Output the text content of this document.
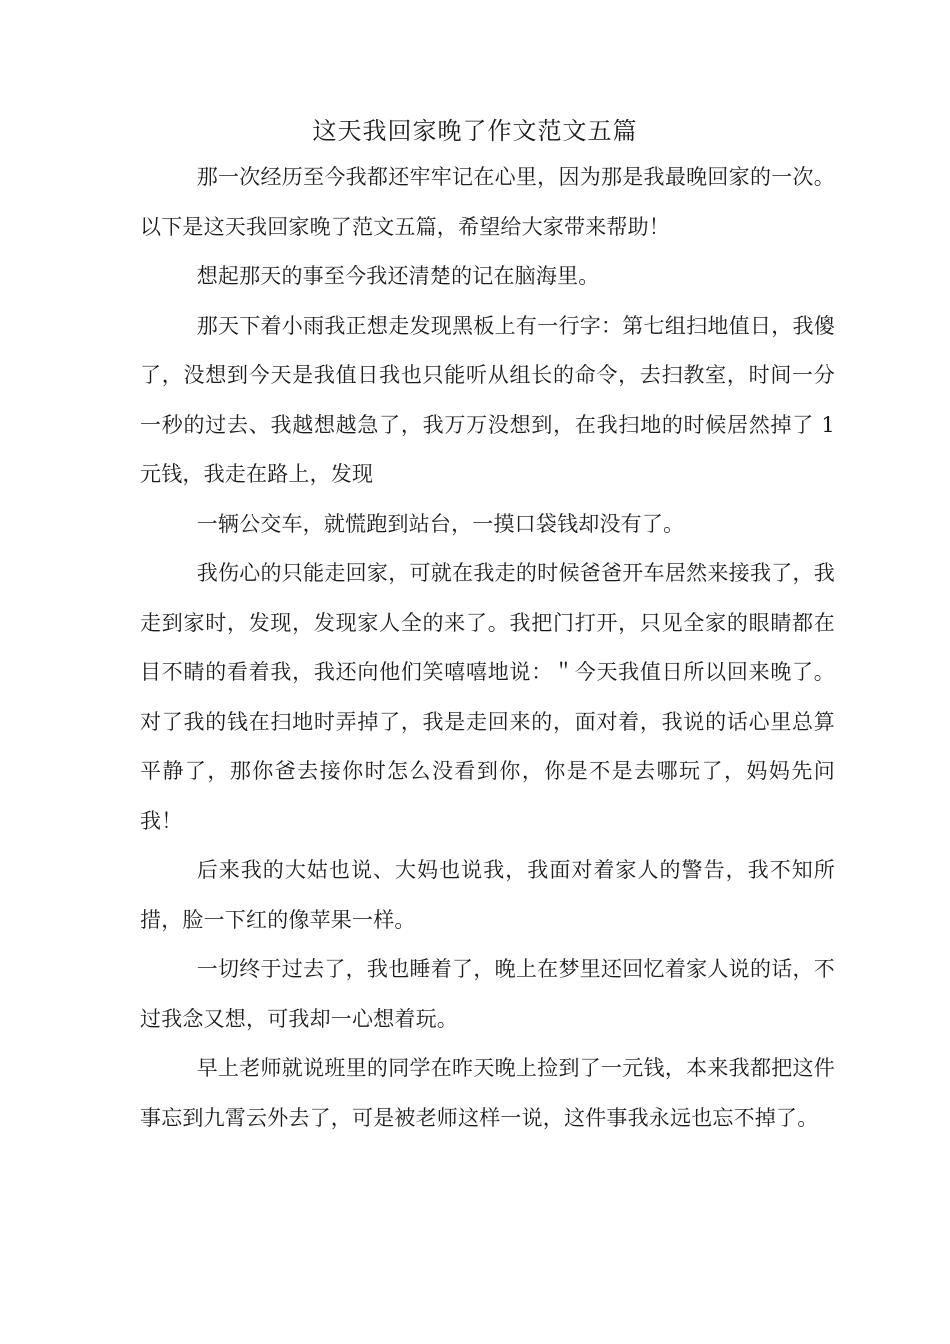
这天我回家晚了作文范文五篇

那一次经历至今我都还牢牢记在心里，因为那是我最晚回家的一次。以下是这天我回家晚了范文五篇，希望给大家带来帮助！

想起那天的事至今我还清楚的记在脑海里。

那天下着小雨我正想走发现黑板上有一行字：第七组扫地值日，我傻了，没想到今天是我值日我也只能听从组长的命令，去扫教室，时间一分一秒的过去、我越想越急了，我万万没想到，在我扫地的时候居然掉了 1 元钱，我走在路上，发现

一辆公交车，就慌跑到站台，一摸口袋钱却没有了。

我伤心的只能走回家，可就在我走的时候爸爸开车居然来接我了，我走到家时，发现，发现家人全的来了。我把门打开，只见全家的眼睛都在目不睛的看着我，我还向他们笑嘻嘻地说：＂今天我值日所以回来晚了。对了我的钱在扫地时弄掉了，我是走回来的，面对着，我说的话心里总算平静了，那你爸去接你时怎么没看到你，你是不是去哪玩了，妈妈先问我！

后来我的大姑也说、大妈也说我，我面对着家人的警告，我不知所措，脸一下红的像苹果一样。

一切终于过去了，我也睡着了，晚上在梦里还回忆着家人说的话，不过我念又想，可我却一心想着玩。

早上老师就说班里的同学在昨天晚上捡到了一元钱，本来我都把这件事忘到九霄云外去了，可是被老师这样一说，这件事我永远也忘不掉了。
